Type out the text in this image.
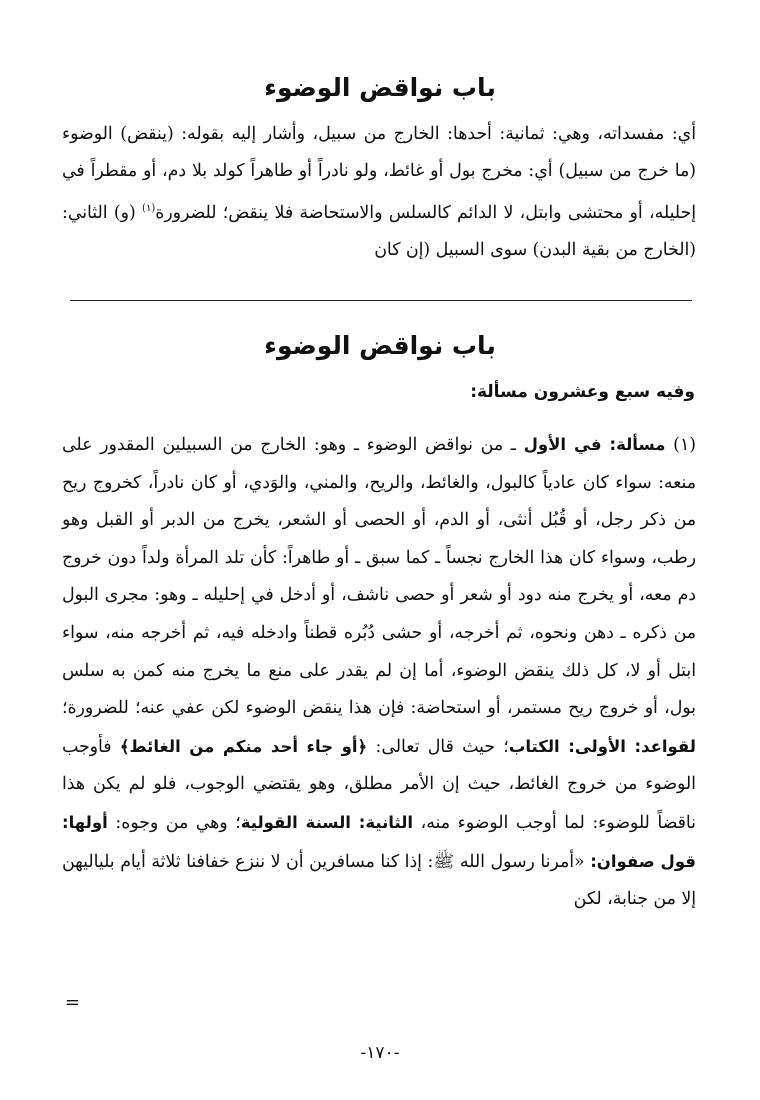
باب نواقض الوضوء

أي: مفسداته، وهي: ثمانية: أحدها: الخارج من سبيل، وأشار إليه بقوله: (ينقض) الوضوء (ما خرج من سبيل) أي: مخرج بول أو غائط، ولو نادراً أو طاهراً كولد بلا دم، أو مقطراً في إحليله، أو محتشى وابتل، لا الدائم كالسلس والاستحاضة فلا ينقض؛ للضرورة$^{(١)}$ (و) الثاني: (الخارج من بقية البدن) سوى السبيل (إن كان

باب نواقض الوضوء
وفيه سبع وعشرون مسألة:

(١) مسألة: في الأول ـ من نواقض الوضوء ـ وهو: الخارج من السبيلين المقدور على منعه: سواء كان عادياً كالبول، والغائط، والريح، والمني، والوَدي، أو كان نادراً، كخروج ريح من ذكر رجل، أو قُبُل أنثى، أو الدم، أو الحصى أو الشعر، يخرج من الدبر أو القبل وهو رطب، وسواء كان هذا الخارج نجساً ـ كما سبق ـ أو طاهراً: كأن تلد المرأة ولداً دون خروج دم معه، أو يخرج منه دود أو شعر أو حصى ناشف، أو أدخل في إحليله ـ وهو: مجرى البول من ذكره ـ دهن ونحوه، ثم أخرجه، أو حشى دُبُره قطناً وادخله فيه، ثم أخرجه منه، سواء ابتل أو لا، كل ذلك ينقض الوضوء، أما إن لم يقدر على منع ما يخرج منه كمن به سلس بول، أو خروج ريح مستمر، أو استحاضة: فإن هذا ينقض الوضوء لكن عفي عنه؛ للضرورة؛ لقواعد: الأولى: الكتاب؛ حيث قال تعالى: ﴿أو جاء أحد منكم من الغائط﴾ فأوجب الوضوء من خروج الغائط، حيث إن الأمر مطلق، وهو يقتضي الوجوب، فلو لم يكن هذا ناقضاً للوضوء: لما أوجب الوضوء منه، الثانية: السنة القولية؛ وهي من وجوه: أولها: قول صفوان: «أمرنا رسول الله ﷺ: إذا كنا مسافرين أن لا ننزع خفافنا ثلاثة أيام بلياليهن إلا من جنابة، لكن

=
-١٧٠-
